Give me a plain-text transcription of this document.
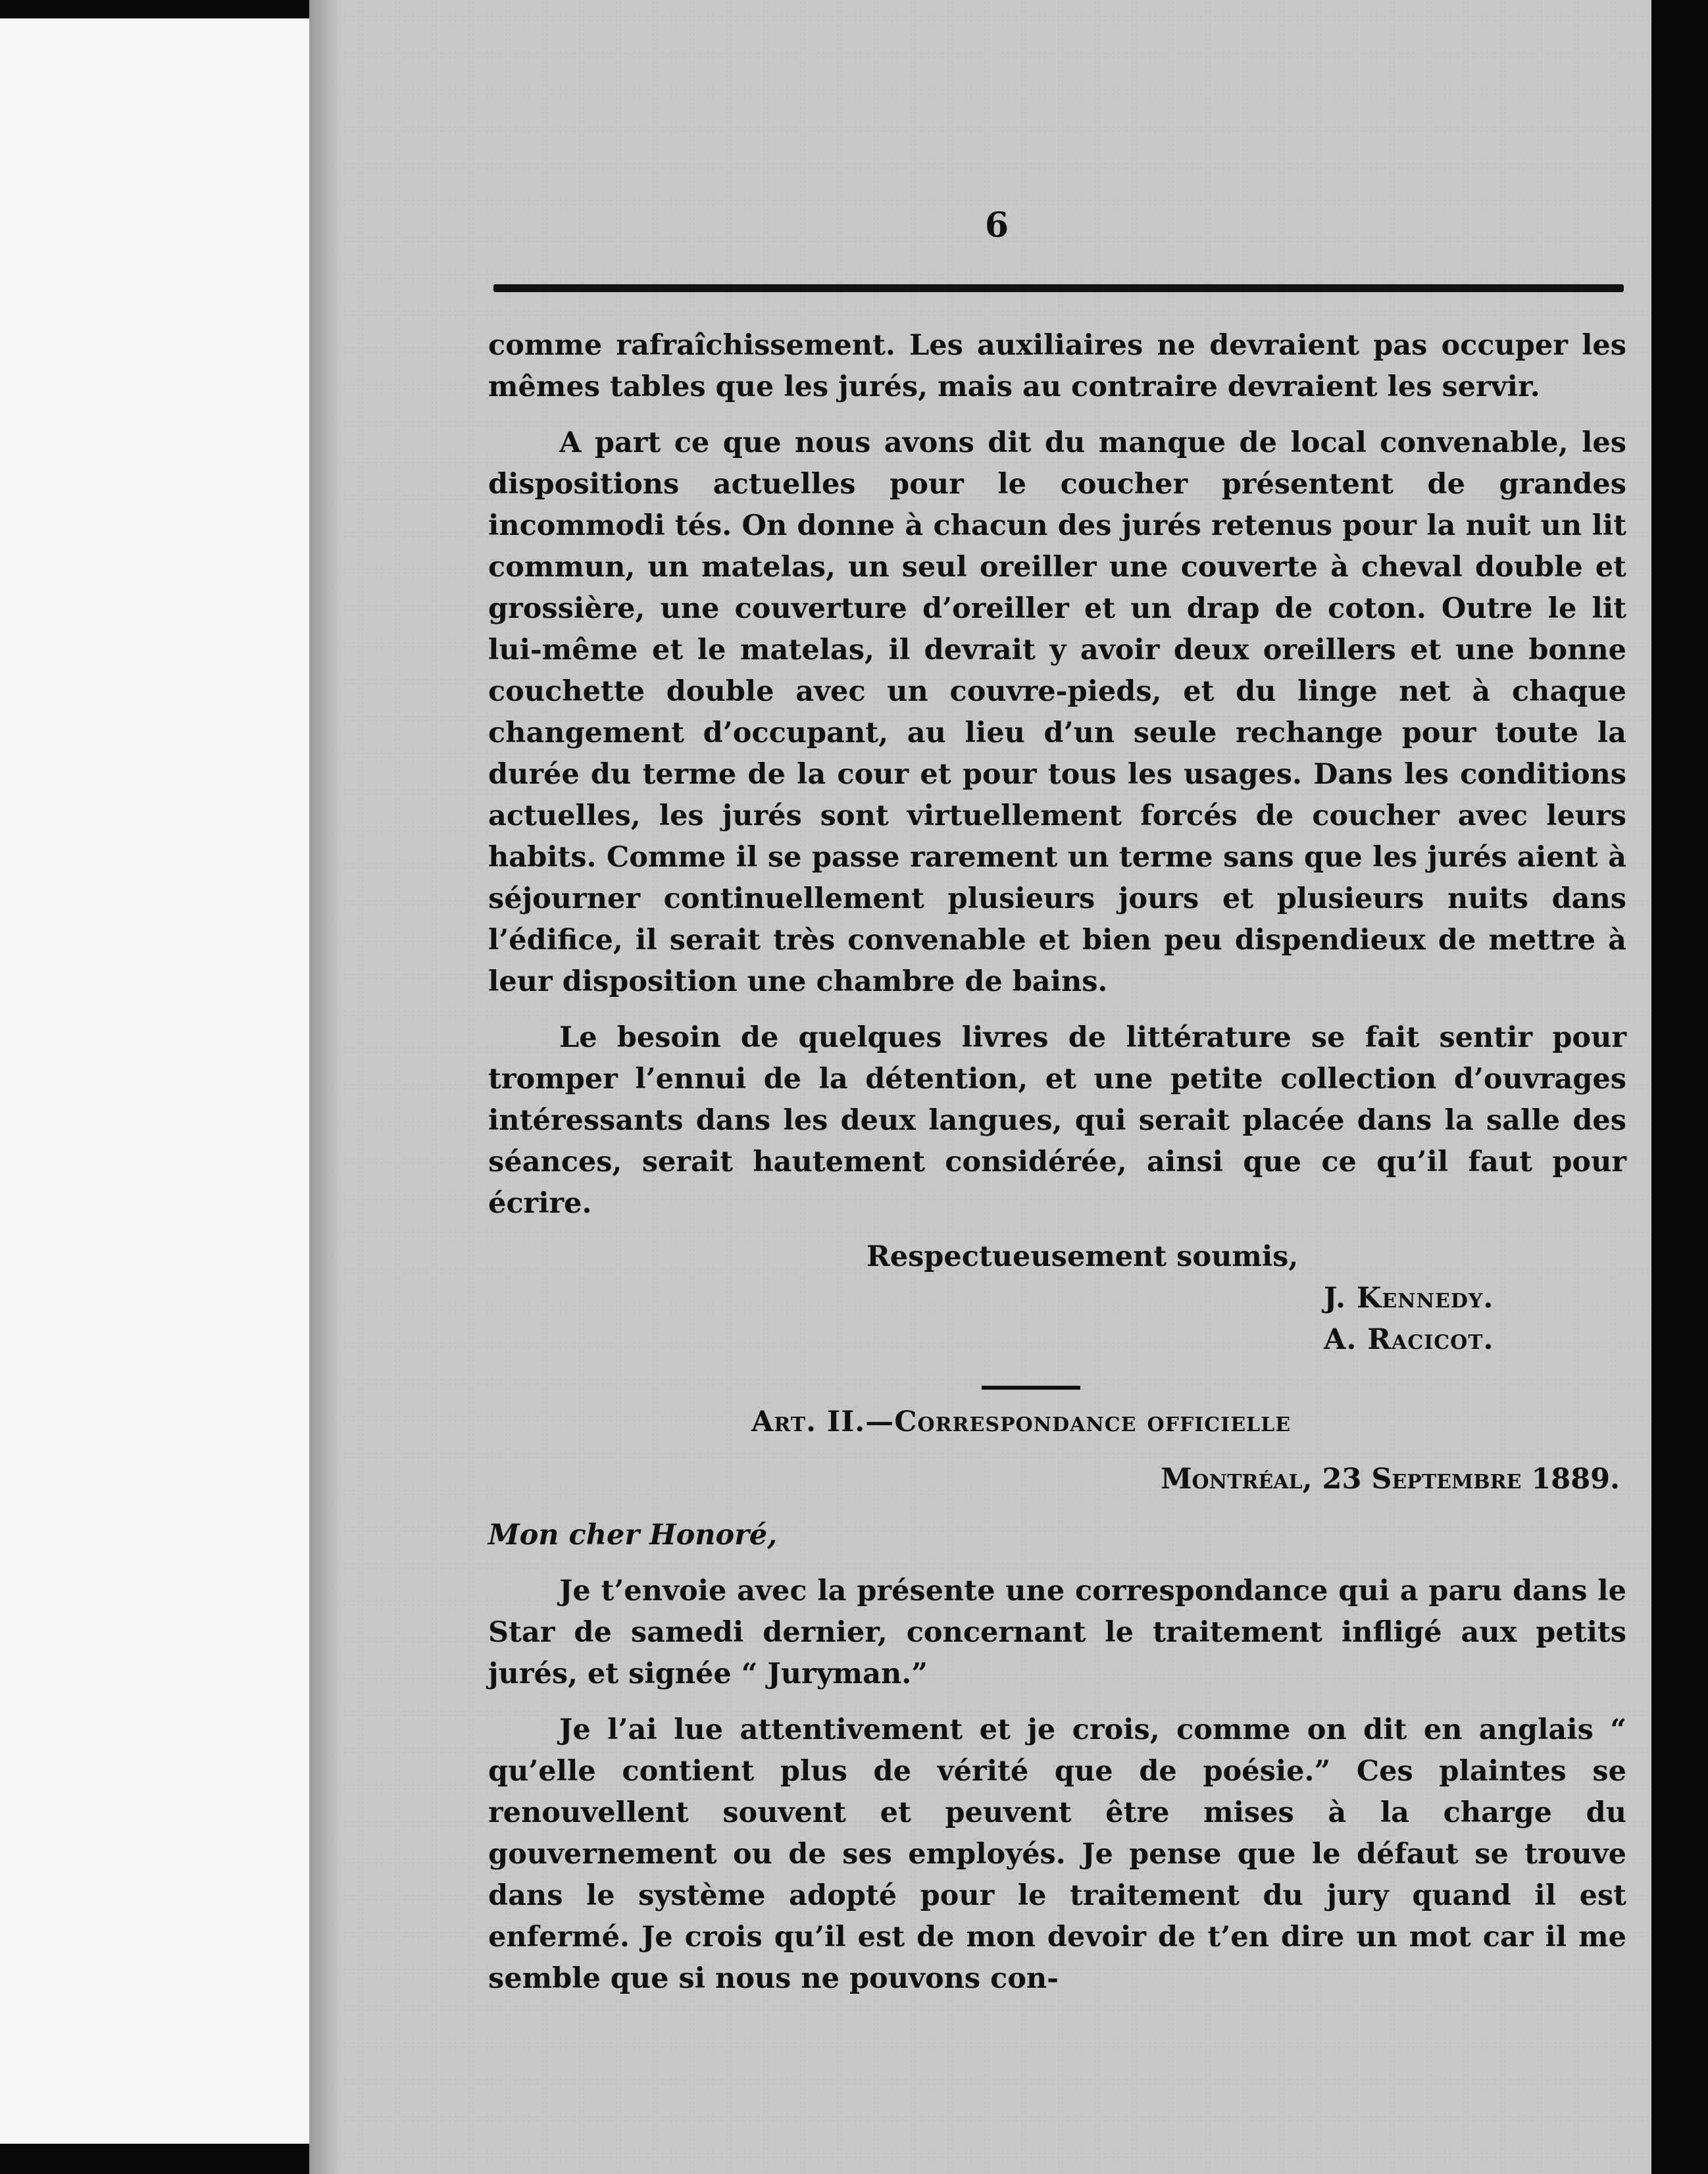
6

comme rafraîchissement. Les auxiliaires ne devraient pas occuper les mêmes tables que les jurés, mais au contraire devraient les servir.

A part ce que nous avons dit du manque de local convenable, les dispositions actuelles pour le coucher présentent de grandes incommodi tés. On donne à chacun des jurés retenus pour la nuit un lit commun, un matelas, un seul oreiller une couverte à cheval double et grossière, une couverture d’oreiller et un drap de coton. Outre le lit lui-même et le matelas, il devrait y avoir deux oreillers et une bonne couchette double avec un couvre-pieds, et du linge net à chaque changement d’occupant, au lieu d’un seule rechange pour toute la durée du terme de la cour et pour tous les usages. Dans les conditions actuelles, les jurés sont virtuellement forcés de coucher avec leurs habits. Comme il se passe rarement un terme sans que les jurés aient à séjourner continuellement plusieurs jours et plusieurs nuits dans l’édifice, il serait très convenable et bien peu dispendieux de mettre à leur disposition une chambre de bains.

Le besoin de quelques livres de littérature se fait sentir pour tromper l’ennui de la détention, et une petite collection d’ouvrages intéressants dans les deux langues, qui serait placée dans la salle des séances, serait hautement considérée, ainsi que ce qu’il faut pour écrire.

Respectueusement soumis,

J. Kennedy.

A. Racicot.

Art. II.—Correspondance officielle

Montréal, 23 Septembre 1889.

Mon cher Honoré,

Je t’envoie avec la présente une correspondance qui a paru dans le Star de samedi dernier, concernant le traitement infligé aux petits jurés, et signée “ Juryman.”

Je l’ai lue attentivement et je crois, comme on dit en anglais “ qu’elle contient plus de vérité que de poésie.” Ces plaintes se renouvellent souvent et peuvent être mises à la charge du gouvernement ou de ses employés. Je pense que le défaut se trouve dans le système adopté pour le traitement du jury quand il est enfermé. Je crois qu’il est de mon devoir de t’en dire un mot car il me semble que si nous ne pouvons con-
